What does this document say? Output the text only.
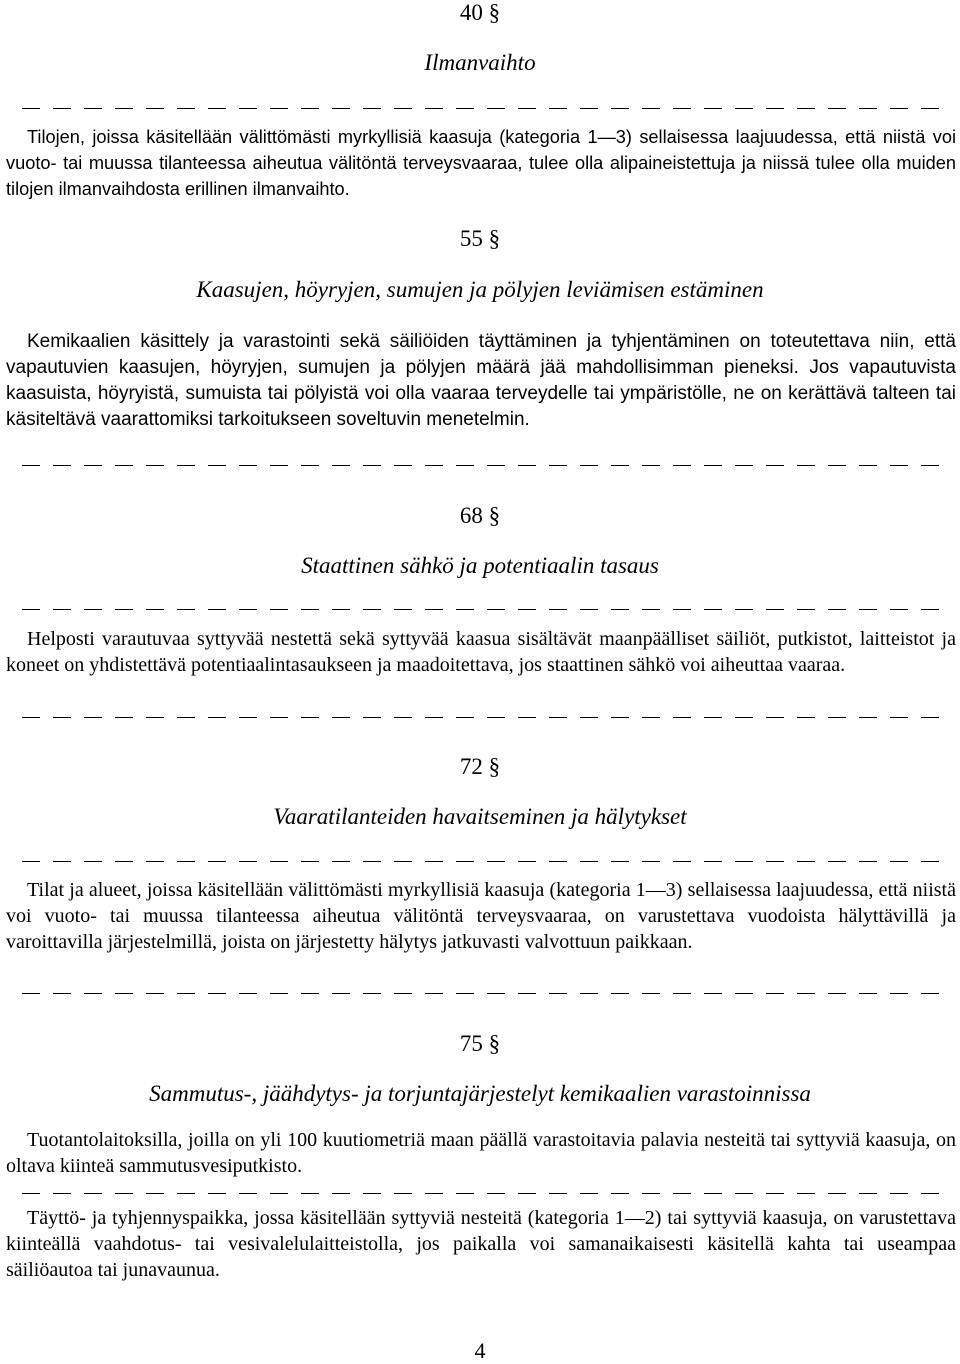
40 §
Ilmanvaihto
Tilojen, joissa käsitellään välittömästi myrkyllisiä kaasuja (kategoria 1—3) sellaisessa laajuudessa, että niistä voi vuoto- tai muussa tilanteessa aiheutua välitöntä terveysvaaraa, tulee olla alipaineistettuja ja niissä tulee olla muiden tilojen ilmanvaihdosta erillinen ilmanvaihto.
55 §
Kaasujen, höyryjen, sumujen ja pölyjen leviämisen estäminen
Kemikaalien käsittely ja varastointi sekä säiliöiden täyttäminen ja tyhjentäminen on toteutettava niin, että vapautuvien kaasujen, höyryjen, sumujen ja pölyjen määrä jää mahdollisimman pieneksi. Jos vapautuvista kaasuista, höyryistä, sumuista tai pölyistä voi olla vaaraa terveydelle tai ympäristölle, ne on kerättävä talteen tai käsiteltävä vaarattomiksi tarkoitukseen soveltuvin menetelmin.
68 §
Staattinen sähkö ja potentiaalin tasaus
Helposti varautuvaa syttyvää nestettä sekä syttyvää kaasua sisältävät maanpäälliset säiliöt, putkistot, laitteistot ja koneet on yhdistettävä potentiaalintasaukseen ja maadoitettava, jos staattinen sähkö voi aiheuttaa vaaraa.
72 §
Vaaratilanteiden havaitseminen ja hälytykset
Tilat ja alueet, joissa käsitellään välittömästi myrkyllisiä kaasuja (kategoria 1—3) sellaisessa laajuudessa, että niistä voi vuoto- tai muussa tilanteessa aiheutua välitöntä terveysvaaraa, on varustettava vuodoista hälyttävillä ja varoittavilla järjestelmillä, joista on järjestetty hälytys jatkuvasti valvottuun paikkaan.
75 §
Sammutus-, jäähdytys- ja torjuntajärjestelyt kemikaalien varastoinnissa
Tuotantolaitoksilla, joilla on yli 100 kuutiometriä maan päällä varastoitavia palavia nesteitä tai syttyviä kaasuja, on oltava kiinteä sammutusvesiputkisto.
Täyttö- ja tyhjennyspaikka, jossa käsitellään syttyviä nesteitä (kategoria 1—2) tai syttyviä kaasuja, on varustettava kiinteällä vaahdotus- tai vesivalelulaitteistolla, jos paikalla voi samanaikaisesti käsitellä kahta tai useampaa säiliöautoa tai junavaunua.
4
